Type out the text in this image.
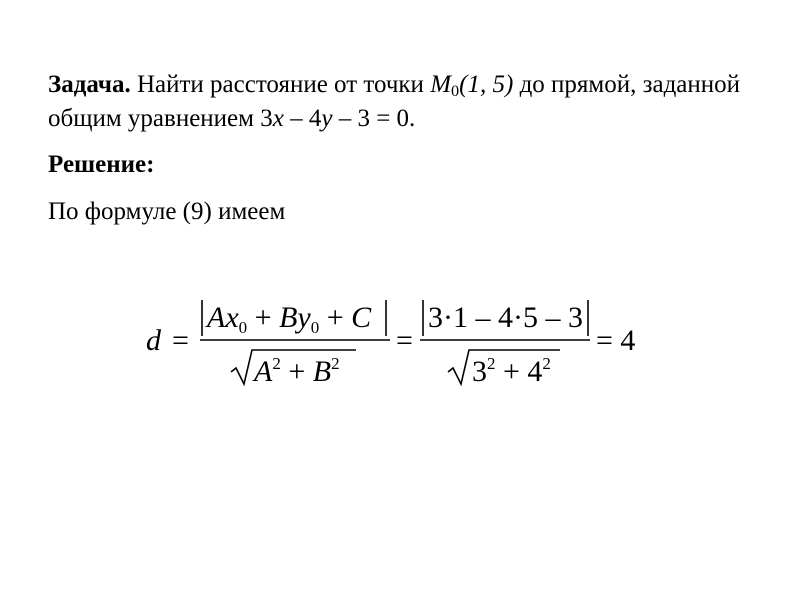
Задача. Найти расстояние от точки $M_0(1$, 5) до прямой, заданной общим уравнением 3x – 4y – 3 = 0.

Решение:

По формуле (9) имеем

d =
$Ax_0 + By_0 + C$
$A^2 + B^2$
=
3·1 – 4·5 – 3
$3^2 + 4^2$
= 4
